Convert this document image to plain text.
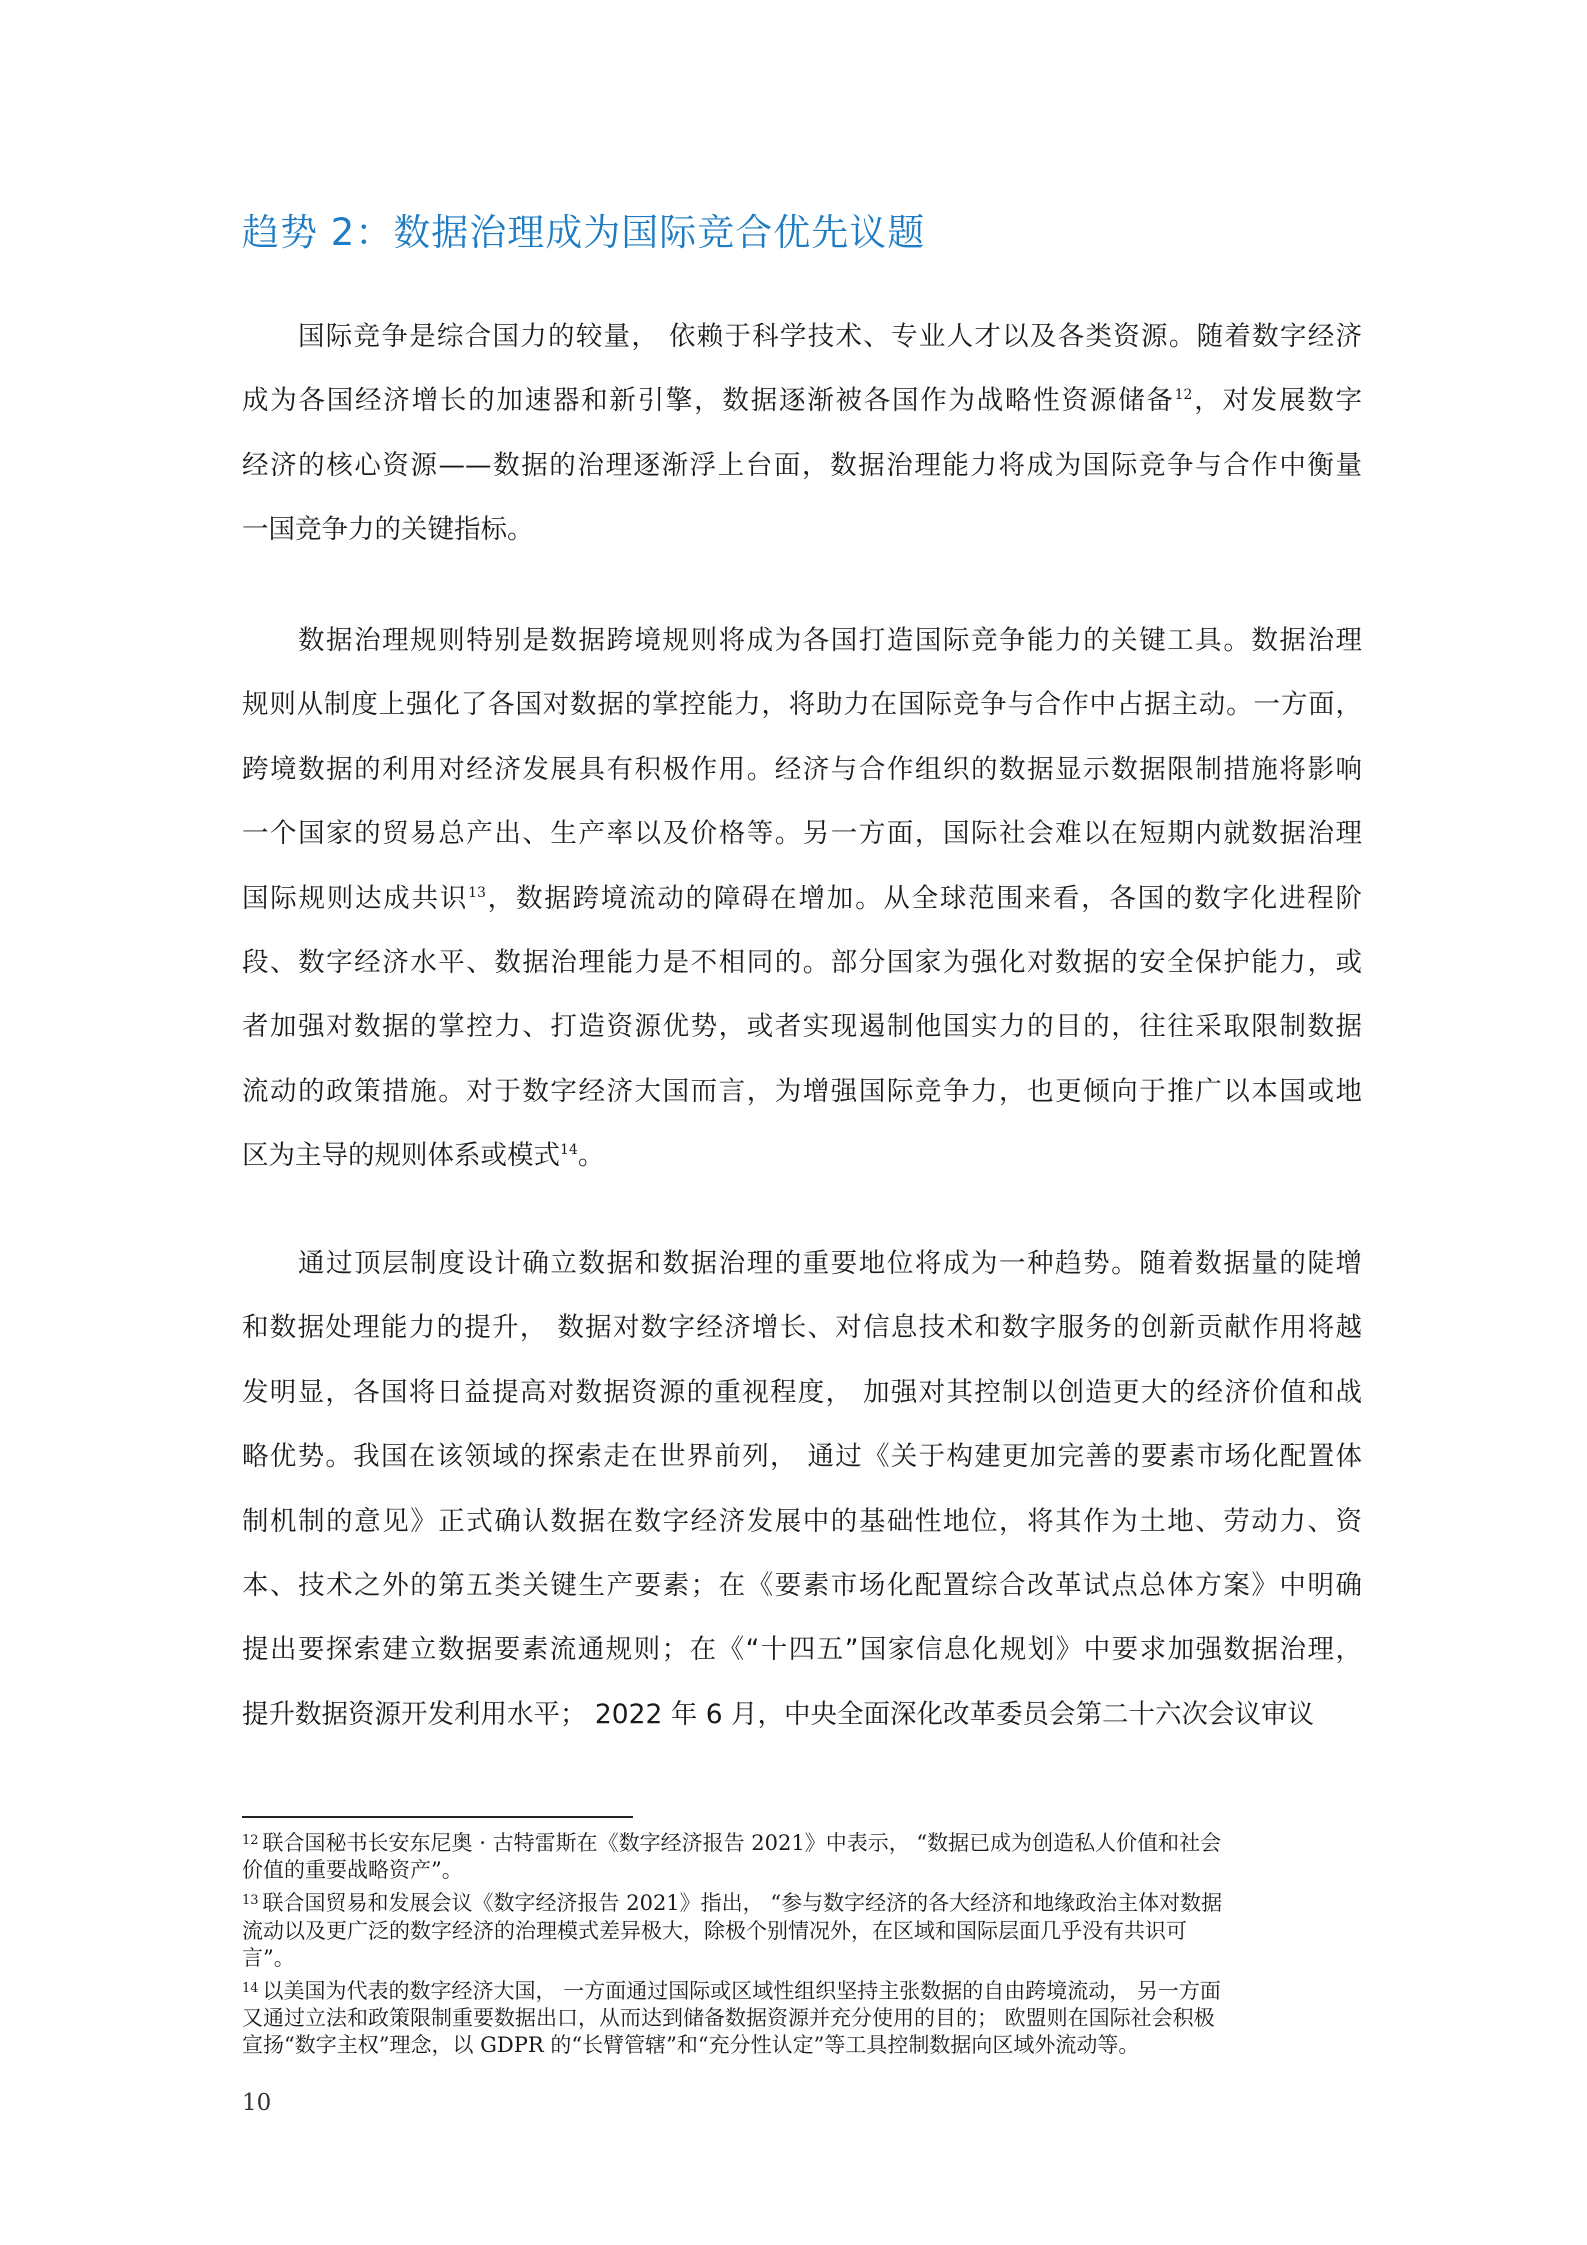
趋势 2：数据治理成为国际竞合优先议题
国际竞争是综合国力的较量， 依赖于科学技术、专业人才以及各类资源。随着数字经济
成为各国经济增长的加速器和新引擎，数据逐渐被各国作为战略性资源储备$^{12}$，对发展数字
经济的核心资源——数据的治理逐渐浮上台面，数据治理能力将成为国际竞争与合作中衡量
一国竞争力的关键指标。
数据治理规则特别是数据跨境规则将成为各国打造国际竞争能力的关键工具。数据治理
规则从制度上强化了各国对数据的掌控能力，将助力在国际竞争与合作中占据主动。一方面，
跨境数据的利用对经济发展具有积极作用。经济与合作组织的数据显示数据限制措施将影响
一个国家的贸易总产出、生产率以及价格等。另一方面，国际社会难以在短期内就数据治理
国际规则达成共识$^{13}$，数据跨境流动的障碍在增加。从全球范围来看，各国的数字化进程阶
段、数字经济水平、数据治理能力是不相同的。部分国家为强化对数据的安全保护能力，或
者加强对数据的掌控力、打造资源优势，或者实现遏制他国实力的目的，往往采取限制数据
流动的政策措施。对于数字经济大国而言，为增强国际竞争力，也更倾向于推广以本国或地
区为主导的规则体系或模式$^{14}$。
通过顶层制度设计确立数据和数据治理的重要地位将成为一种趋势。随着数据量的陡增
和数据处理能力的提升， 数据对数字经济增长、对信息技术和数字服务的创新贡献作用将越
发明显，各国将日益提高对数据资源的重视程度， 加强对其控制以创造更大的经济价值和战
略优势。我国在该领域的探索走在世界前列， 通过《关于构建更加完善的要素市场化配置体
制机制的意见》正式确认数据在数字经济发展中的基础性地位，将其作为土地、劳动力、资
本、技术之外的第五类关键生产要素；在《要素市场化配置综合改革试点总体方案》中明确
提出要探索建立数据要素流通规则；在《“十四五”国家信息化规划》中要求加强数据治理，
提升数据资源开发利用水平； 2022 年 6 月，中央全面深化改革委员会第二十六次会议审议
$^{12}$ 联合国秘书长安东尼奥 · 古特雷斯在《数字经济报告 2021》中表示， “数据已成为创造私人价值和社会
价值的重要战略资产”。
$^{13}$ 联合国贸易和发展会议《数字经济报告 2021》指出， “参与数字经济的各大经济和地缘政治主体对数据
流动以及更广泛的数字经济的治理模式差异极大，除极个别情况外，在区域和国际层面几乎没有共识可
言”。
$^{14}$ 以美国为代表的数字经济大国， 一方面通过国际或区域性组织坚持主张数据的自由跨境流动， 另一方面
又通过立法和政策限制重要数据出口，从而达到储备数据资源并充分使用的目的； 欧盟则在国际社会积极
宣扬“数字主权”理念，以 GDPR 的“长臂管辖”和“充分性认定”等工具控制数据向区域外流动等。
10
